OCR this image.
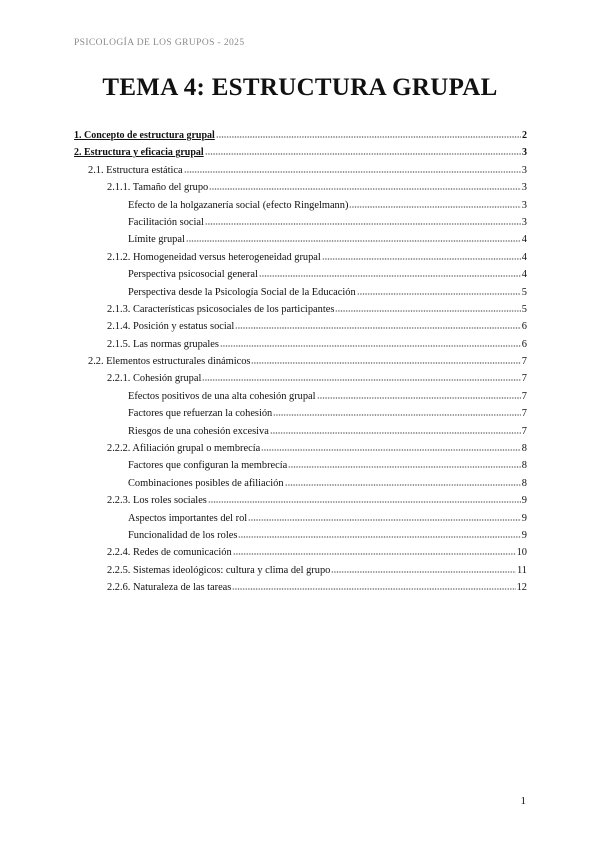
PSICOLOGÍA DE LOS GRUPOS - 2025
TEMA 4: ESTRUCTURA GRUPAL
1. Concepto de estructura grupal	2
2. Estructura y eficacia grupal	3
2.1. Estructura estática	3
2.1.1. Tamaño del grupo	3
Efecto de la holgazanería social (efecto Ringelmann)	3
Facilitación social	3
Límite grupal	4
2.1.2. Homogeneidad versus heterogeneidad grupal	4
Perspectiva psicosocial general	4
Perspectiva desde la Psicología Social de la Educación	5
2.1.3. Características psicosociales de los participantes	5
2.1.4. Posición y estatus social	6
2.1.5. Las normas grupales	6
2.2. Elementos estructurales dinámicos	7
2.2.1. Cohesión grupal	7
Efectos positivos de una alta cohesión grupal	7
Factores que refuerzan la cohesión	7
Riesgos de una cohesión excesiva	7
2.2.2. Afiliación grupal o membrecía	8
Factores que configuran la membrecía	8
Combinaciones posibles de afiliación	8
2.2.3. Los roles sociales	9
Aspectos importantes del rol	9
Funcionalidad de los roles	9
2.2.4. Redes de comunicación	10
2.2.5. Sistemas ideológicos: cultura y clima del grupo	11
2.2.6. Naturaleza de las tareas	12
1
